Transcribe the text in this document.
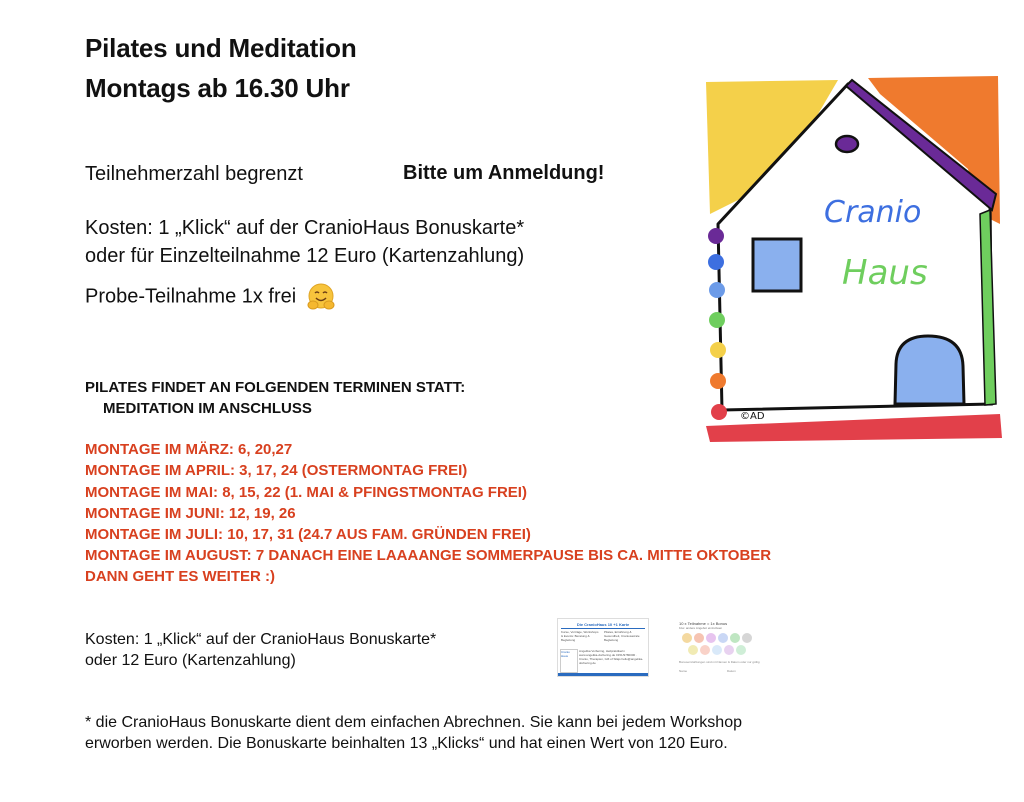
Pilates und Meditation
Montags ab 16.30 Uhr
Teilnehmerzahl begrenzt	Bitte um Anmeldung!
Kosten: 1 „Klick“ auf der CranioHaus Bonuskarte*
oder für Einzelteilnahme 12 Euro (Kartenzahlung)
Probe-Teilnahme 1x frei
PILATES FINDET AN FOLGENDEN TERMINEN STATT:
MEDITATION IM ANSCHLUSS
MONTAGE IM MÄRZ: 6, 20,27
MONTAGE IM APRIL: 3, 17, 24 (OSTERMONTAG FREI)
MONTAGE IM MAI: 8, 15, 22 (1. MAI & PFINGSTMONTAG FREI)
MONTAGE IM JUNI: 12, 19, 26
MONTAGE IM JULI: 10, 17, 31 (24.7 AUS FAM. GRÜNDEN FREI)
MONTAGE IM AUGUST: 7 DANACH EINE LAAAANGE SOMMERPAUSE BIS CA. MITTE OKTOBER
DANN GEHT ES WEITER :)
Kosten: 1 „Klick“ auf der CranioHaus Bonuskarte*
oder 12 Euro (Kartenzahlung)
Die CranioHaus 10 +1 Karte
Kurse, Vorträge, Workshops & Events: Beratung & Begleitung
Pilates, Ernährung & Gesundheit, Craniosacrale Begleitung
Cranio Haus
Angelika Vorbering, Heilpraktikerin www.angelika-dorbering.de 0151/9780000 · Cranio, Therapien, Gift of Silajs hello@angelika-dorbering.de
10 x Teilnahme = 1x Bonus
bzw. andere Angebot einzulösen
Bonuseinzahlungen sind mit Namen & Datum oder nur gültig
Name	Datum
* die CranioHaus Bonuskarte dient dem einfachen Abrechnen. Sie kann bei jedem Workshop
erworben werden. Die Bonuskarte beinhalten 13 „Klicks“ und hat einen Wert von 120 Euro.
Cranio
Haus
©AD
